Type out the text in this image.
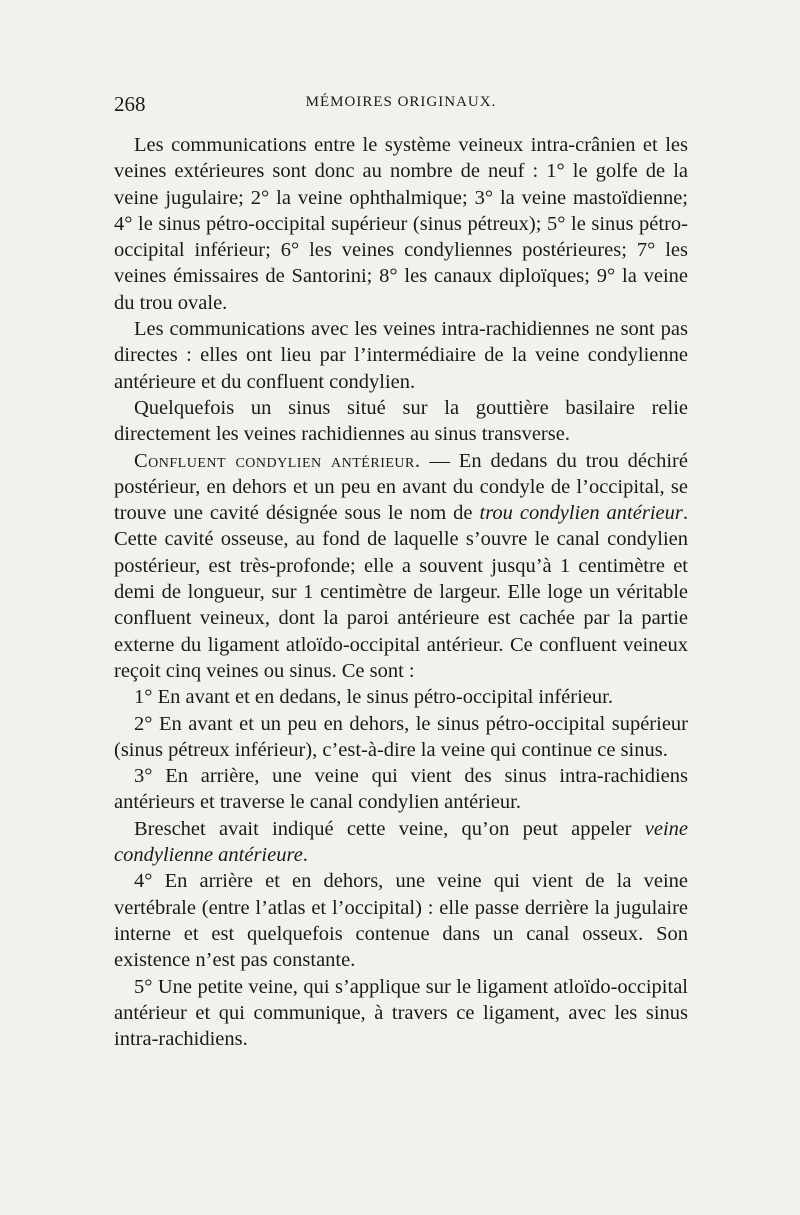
268	MÉMOIRES ORIGINAUX.

Les communications entre le système veineux intra-crânien et les veines extérieures sont donc au nombre de neuf : 1° le golfe de la veine jugulaire; 2° la veine ophthalmique; 3° la veine mastoïdienne; 4° le sinus pétro-occipital supérieur (sinus pétreux); 5° le sinus pétro-occipital inférieur; 6° les veines condyliennes postérieures; 7° les veines émissaires de Santorini; 8° les canaux diploïques; 9° la veine du trou ovale.

Les communications avec les veines intra-rachidiennes ne sont pas directes : elles ont lieu par l’intermédiaire de la veine condylienne antérieure et du confluent condylien.

Quelquefois un sinus situé sur la gouttière basilaire relie directement les veines rachidiennes au sinus transverse.

Confluent condylien antérieur. — En dedans du trou déchiré postérieur, en dehors et un peu en avant du condyle de l’occipital, se trouve une cavité désignée sous le nom de trou condylien antérieur. Cette cavité osseuse, au fond de laquelle s’ouvre le canal condylien postérieur, est très-profonde; elle a souvent jusqu’à 1 centimètre et demi de longueur, sur 1 centimètre de largeur. Elle loge un véritable confluent veineux, dont la paroi antérieure est cachée par la partie externe du ligament atloïdo-occipital antérieur. Ce confluent veineux reçoit cinq veines ou sinus. Ce sont :

1° En avant et en dedans, le sinus pétro-occipital inférieur.

2° En avant et un peu en dehors, le sinus pétro-occipital supérieur (sinus pétreux inférieur), c’est-à-dire la veine qui continue ce sinus.

3° En arrière, une veine qui vient des sinus intra-rachidiens antérieurs et traverse le canal condylien antérieur.

Breschet avait indiqué cette veine, qu’on peut appeler veine condylienne antérieure.

4° En arrière et en dehors, une veine qui vient de la veine vertébrale (entre l’atlas et l’occipital) : elle passe derrière la jugulaire interne et est quelquefois contenue dans un canal osseux. Son existence n’est pas constante.

5° Une petite veine, qui s’applique sur le ligament atloïdo-occipital antérieur et qui communique, à travers ce ligament, avec les sinus intra-rachidiens.
